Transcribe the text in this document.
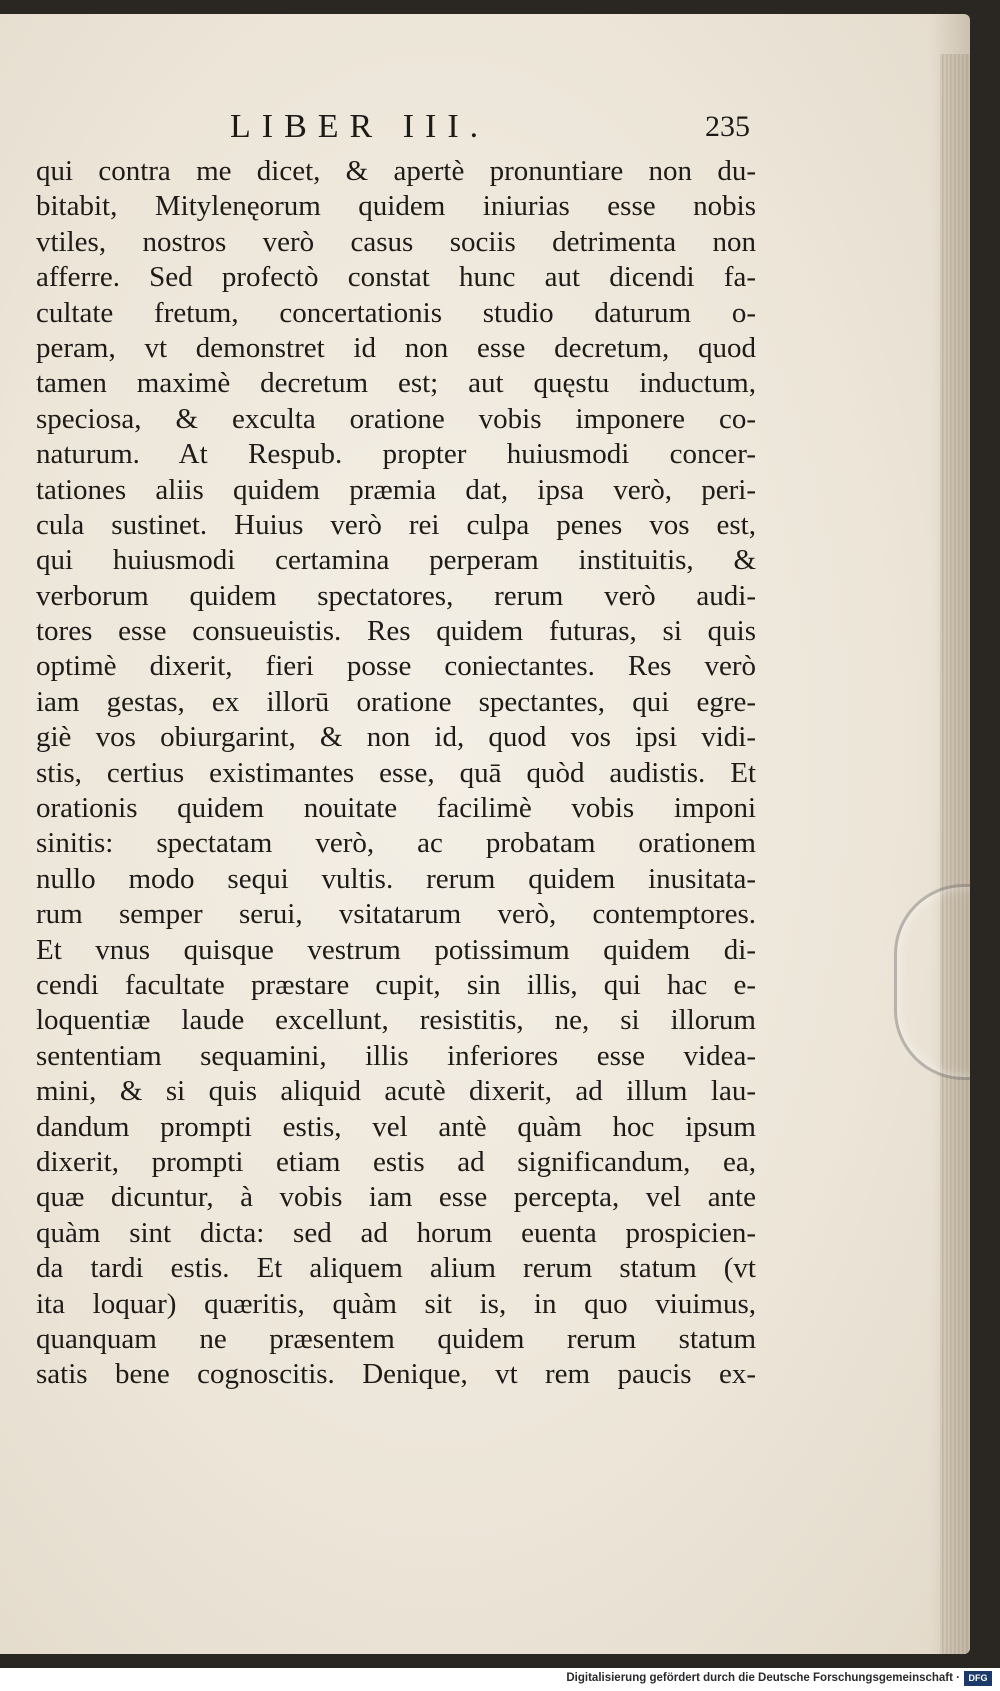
LIBER III.	235
qui contra me dicet, & apertè pronuntiare non du-
bitabit, Mitylenęorum quidem iniurias esse nobis
vtiles, nostros verò casus sociis detrimenta non
afferre. Sed profectò constat hunc aut dicendi fa-
cultate fretum, concertationis studio daturum o-
peram, vt demonstret id non esse decretum, quod
tamen maximè decretum est; aut quęstu inductum,
speciosa, & exculta oratione vobis imponere co-
naturum. At Respub. propter huiusmodi concer-
tationes aliis quidem præmia dat, ipsa verò, peri-
cula sustinet. Huius verò rei culpa penes vos est,
qui huiusmodi certamina perperam instituitis, &
verborum quidem spectatores, rerum verò audi-
tores esse consueuistis. Res quidem futuras, si quis
optimè dixerit, fieri posse coniectantes. Res verò
iam gestas, ex illorū oratione spectantes, qui egre-
giè vos obiurgarint, & non id, quod vos ipsi vidi-
stis, certius existimantes esse, quā quòd audistis. Et
orationis quidem nouitate facilimè vobis imponi
sinitis: spectatam verò, ac probatam orationem
nullo modo sequi vultis. rerum quidem inusitata-
rum semper serui, vsitatarum verò, contemptores.
Et vnus quisque vestrum potissimum quidem di-
cendi facultate præstare cupit, sin illis, qui hac e-
loquentiæ laude excellunt, resistitis, ne, si illorum
sententiam sequamini, illis inferiores esse videa-
mini, & si quis aliquid acutè dixerit, ad illum lau-
dandum prompti estis, vel antè quàm hoc ipsum
dixerit, prompti etiam estis ad significandum, ea,
quæ dicuntur, à vobis iam esse percepta, vel ante
quàm sint dicta: sed ad horum euenta prospicien-
da tardi estis. Et aliquem alium rerum statum (vt
ita loquar) quæritis, quàm sit is, in quo viuimus,
quanquam ne præsentem quidem rerum statum
satis bene cognoscitis. Denique, vt rem paucis ex-
Digitalisierung gefördert durch die Deutsche Forschungsgemeinschaft · DFG
